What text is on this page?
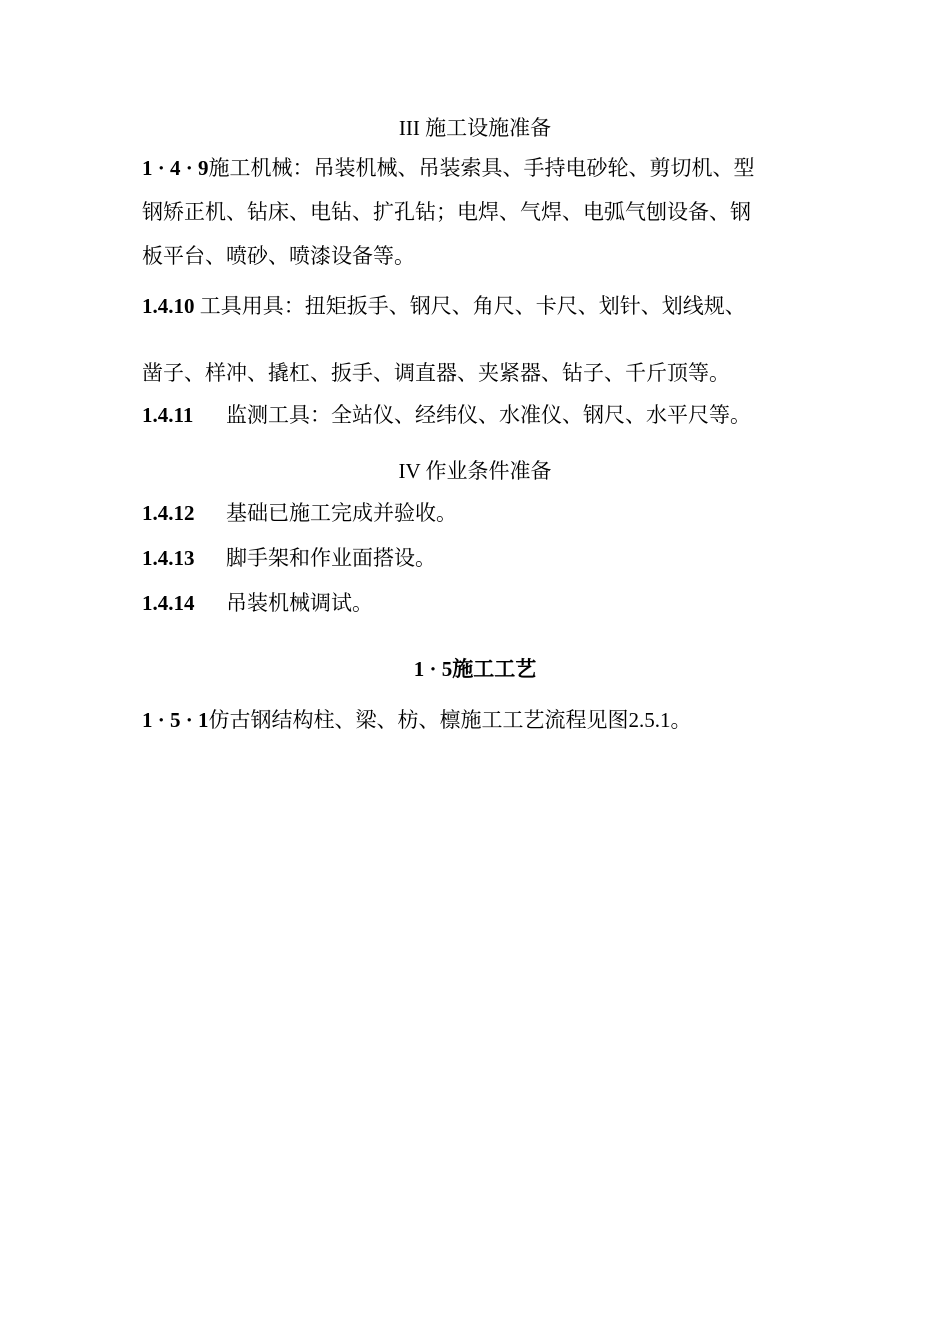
III 施工设施准备
1 · 4 · 9施工机械：吊装机械、吊装索具、手持电砂轮、剪切机、型
钢矫正机、钻床、电钻、扩孔钻；电焊、气焊、电弧气刨设备、钢
板平台、喷砂、喷漆设备等。
1.4.10 工具用具：扭矩扳手、钢尺、角尺、卡尺、划针、划线规、
凿子、样冲、撬杠、扳手、调直器、夹紧器、钻子、千斤顶等。
1.4.11 监测工具：全站仪、经纬仪、水准仪、钢尺、水平尺等。
IV 作业条件准备
1.4.12 基础已施工完成并验收。
1.4.13 脚手架和作业面搭设。
1.4.14 吊装机械调试。
1 · 5施工工艺
1 · 5 · 1仿古钢结构柱、梁、枋、檩施工工艺流程见图2.5.1。
